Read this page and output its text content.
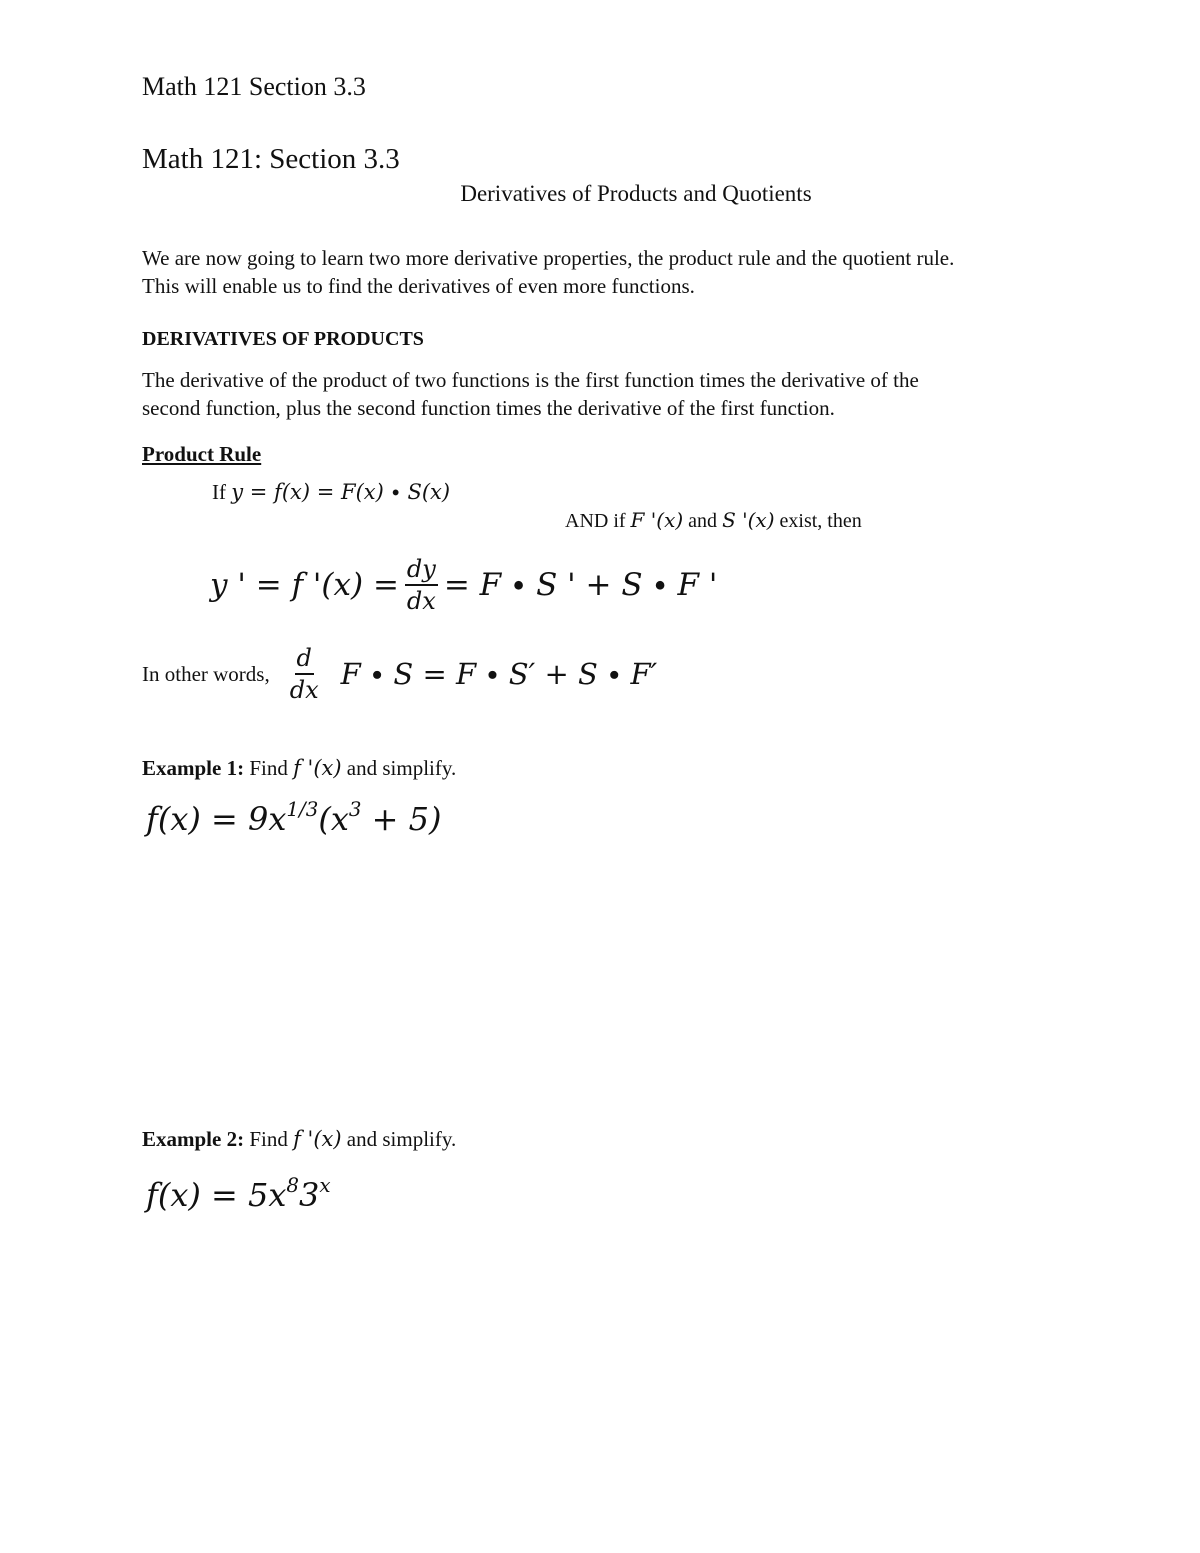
Math 121 Section 3.3
Math 121: Section 3.3
Derivatives of Products and Quotients
We are now going to learn two more derivative properties, the product rule and the quotient rule.
This will enable us to find the derivatives of even more functions.
DERIVATIVES OF PRODUCTS
The derivative of the product of two functions is the first function times the derivative of the
second function, plus the second function times the derivative of the first function.
Product Rule
If y = f(x) = F(x) ∙ S(x)
AND if F '(x) and S '(x) exist, then
y ' = f '$(x) = \frac{dy}{dx} = F \cdot S$ ' + S ∙ F '
In other words, $\frac{d}{dx}$ F ∙ S = F ∙ S′ + S ∙ F′
Example 1: Find f '(x) and simplify.
$f(x) = 9x^{1/3}(x^3 + 5)$
Example 2: Find f '(x) and simplify.
$f(x) = 5x^83^x$
